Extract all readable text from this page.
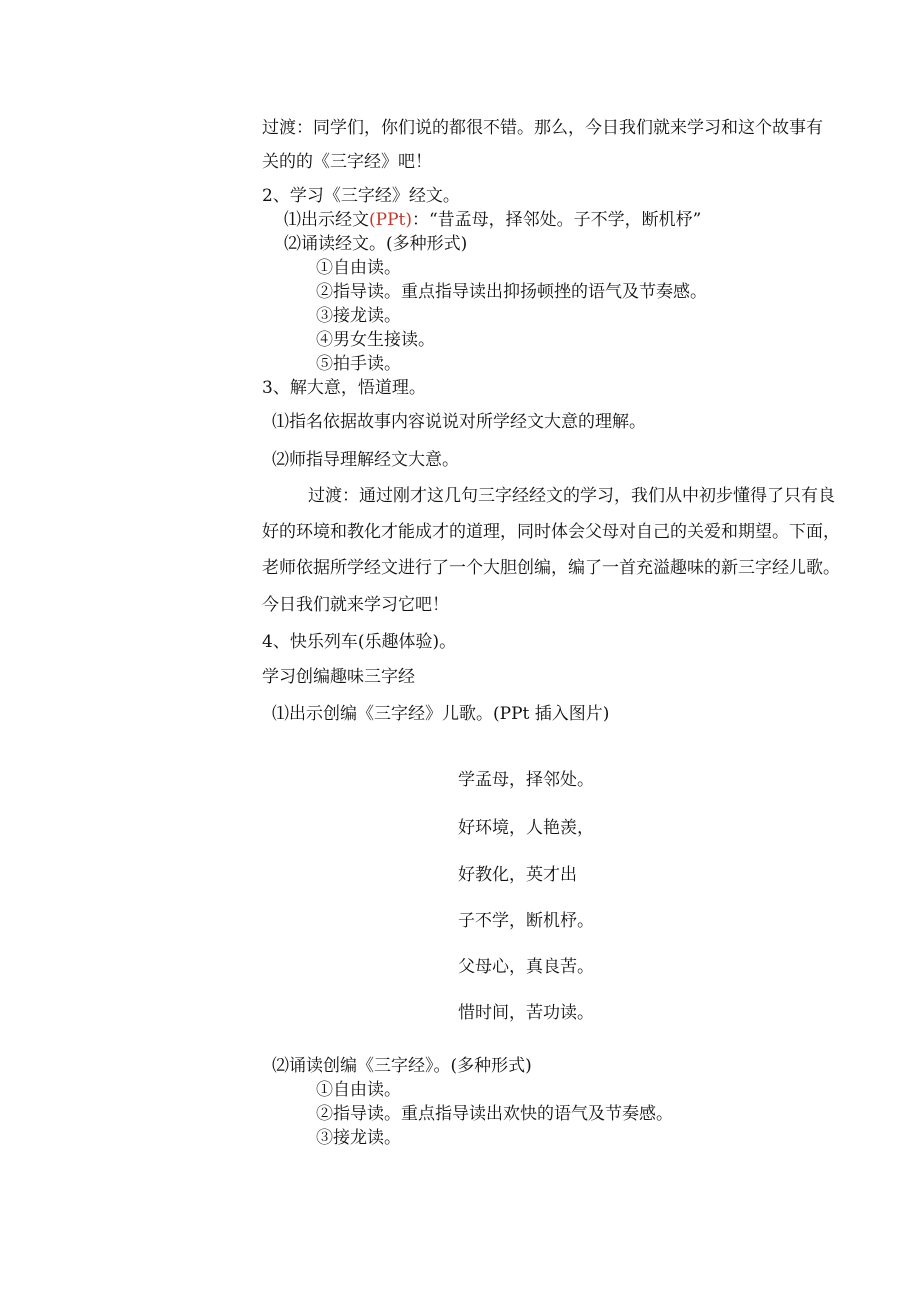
过渡：同学们，你们说的都很不错。那么，今日我们就来学习和这个故事有
关的的《三字经》吧！
2、学习《三字经》经文。
⑴出示经文(PPt)：“昔孟母，择邻处。子不学，断机杼”
⑵诵读经文。(多种形式)
①自由读。
②指导读。重点指导读出抑扬顿挫的语气及节奏感。
③接龙读。
④男女生接读。
⑤拍手读。
3、解大意，悟道理。
⑴指名依据故事内容说说对所学经文大意的理解。
⑵师指导理解经文大意。
过渡：通过刚才这几句三字经经文的学习，我们从中初步懂得了只有良
好的环境和教化才能成才的道理，同时体会父母对自己的关爱和期望。下面，
老师依据所学经文进行了一个大胆创编，编了一首充溢趣味的新三字经儿歌。
今日我们就来学习它吧！
4、快乐列车(乐趣体验)。
学习创编趣味三字经
⑴出示创编《三字经》儿歌。(PPt 插入图片)
学孟母，择邻处。
好环境，人艳羡，
好教化，英才出
子不学，断机杼。
父母心，真良苦。
惜时间，苦功读。
⑵诵读创编《三字经》。(多种形式)
①自由读。
②指导读。重点指导读出欢快的语气及节奏感。
③接龙读。
